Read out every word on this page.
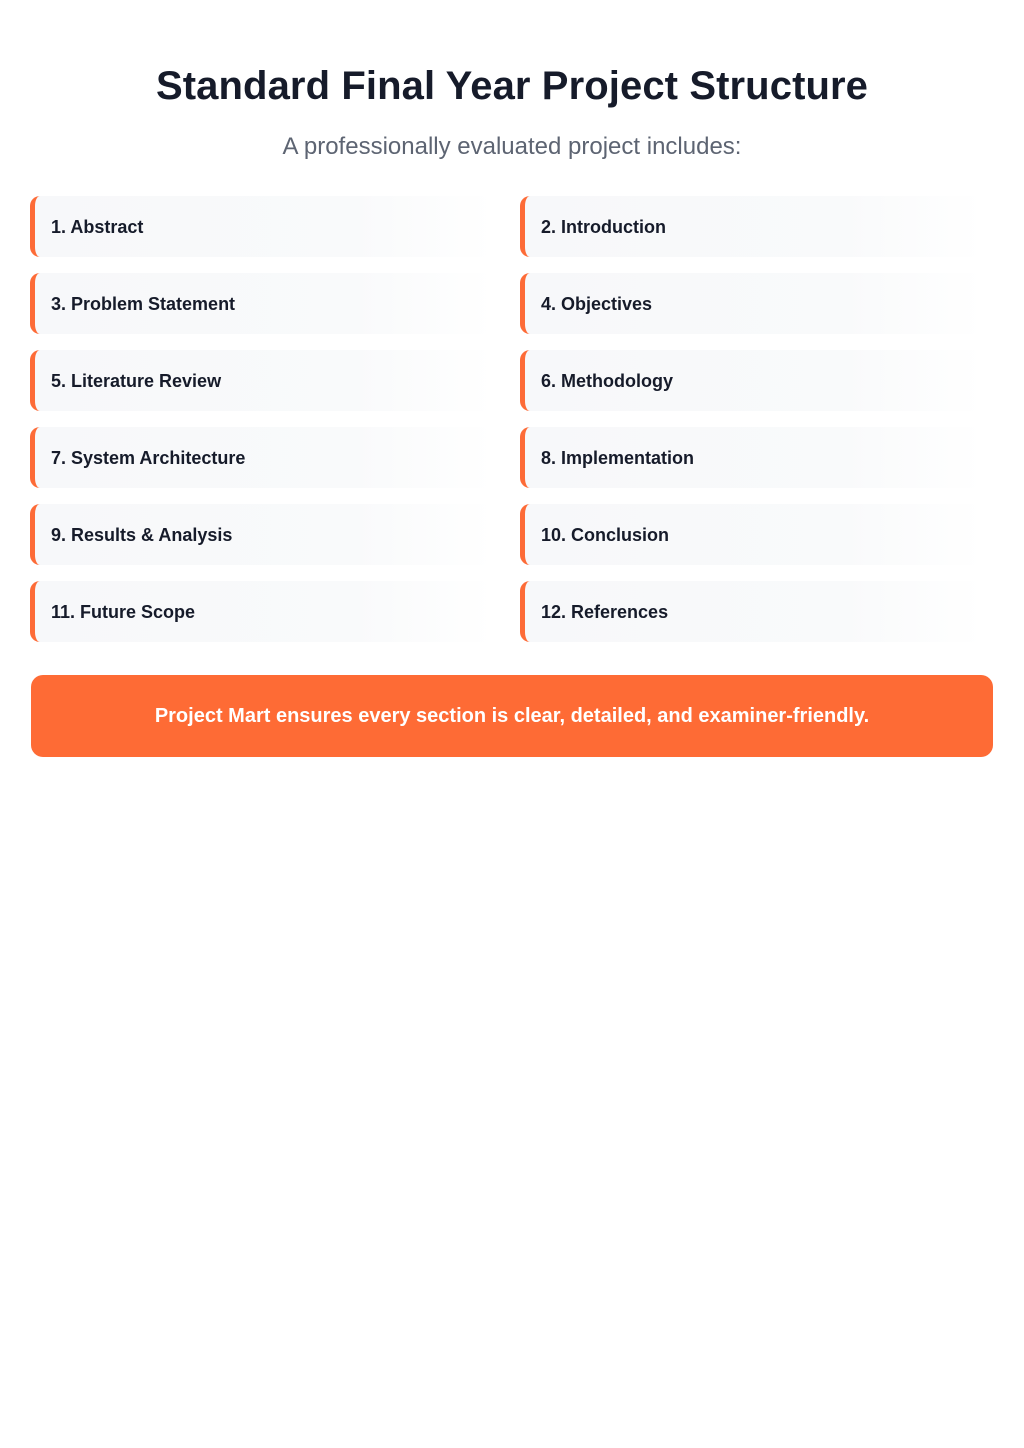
Standard Final Year Project Structure

A professionally evaluated project includes:

1. Abstract	2. Introduction
3. Problem Statement	4. Objectives
5. Literature Review	6. Methodology
7. System Architecture	8. Implementation
9. Results & Analysis	10. Conclusion
11. Future Scope	12. References
Project Mart ensures every section is clear, detailed, and examiner-friendly.
